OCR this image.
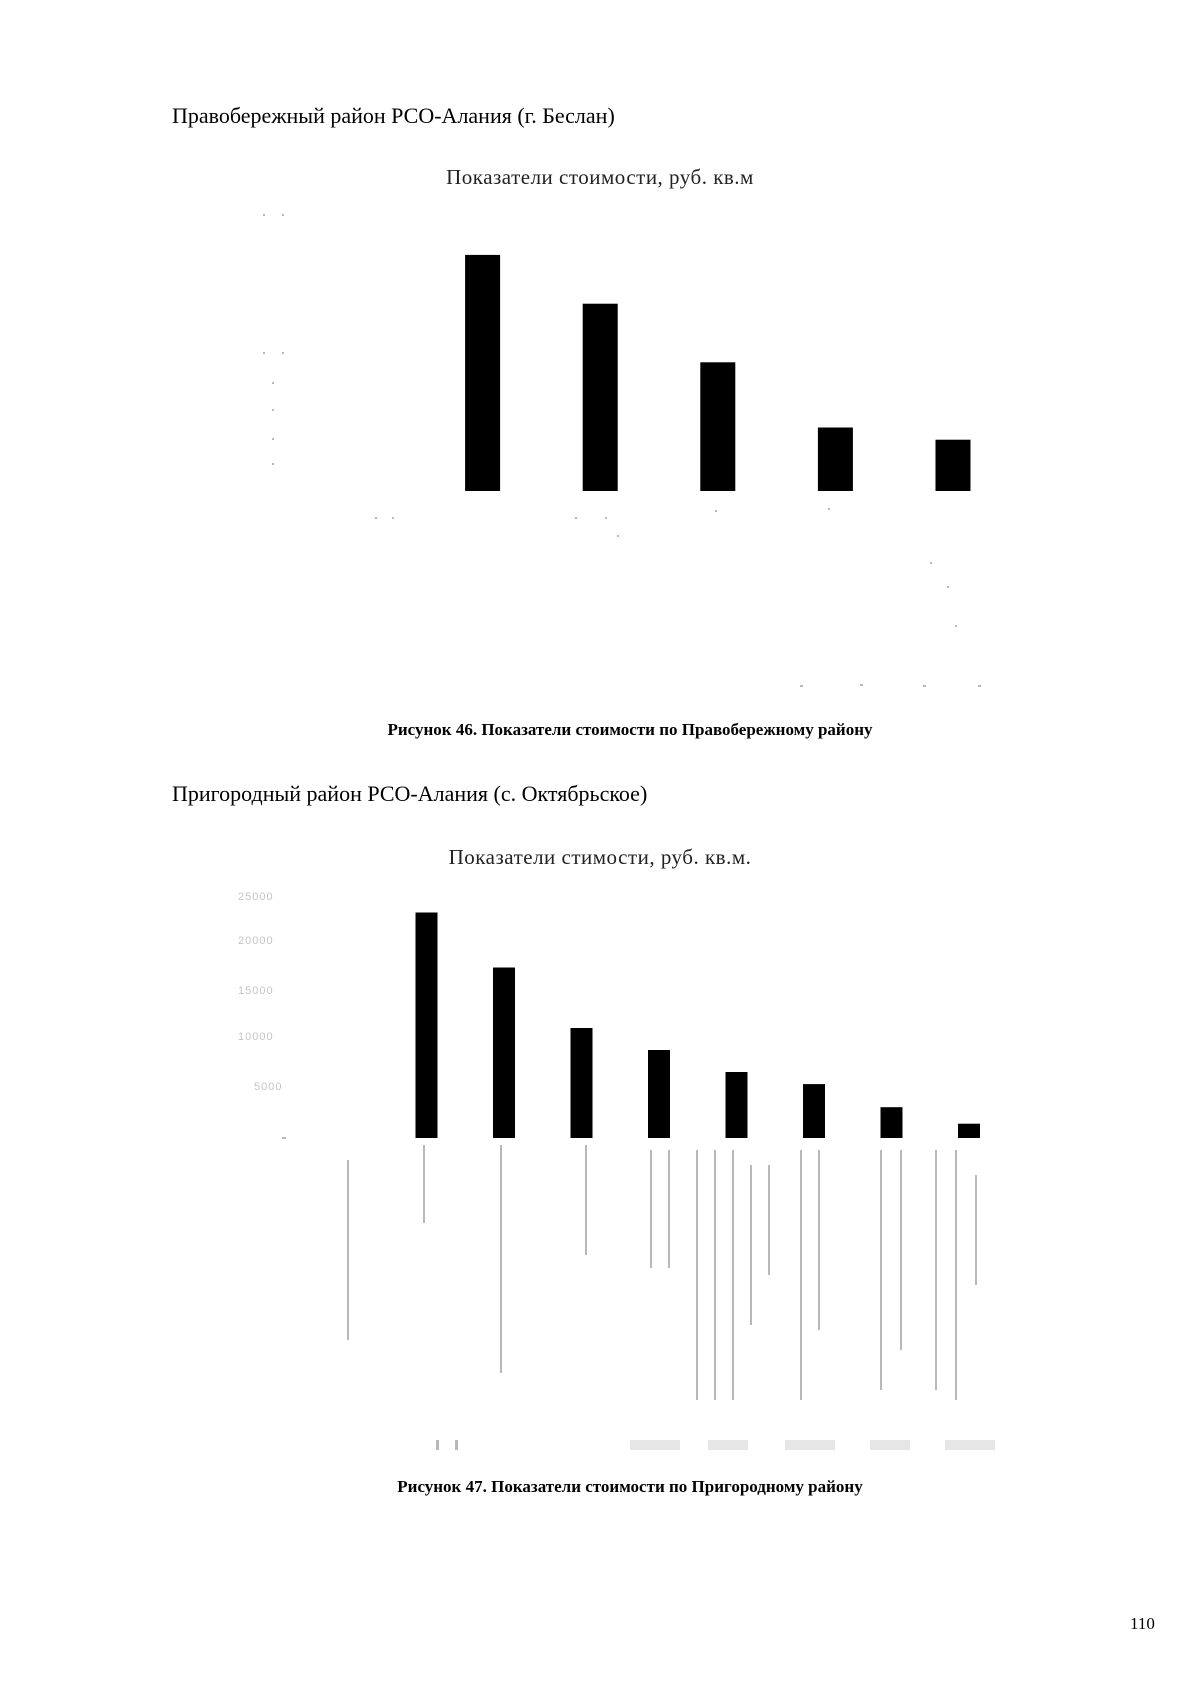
Правобережный район РСО-Алания (г. Беслан)
Показатели стоимости, руб. кв.м
25000
20000
15000
10000
5000
Рисунок 46. Показатели стоимости по Правобережному району
Пригородный район РСО-Алания (с. Октябрьское)
Показатели стимости, руб. кв.м.
Рисунок 47. Показатели стоимости по Пригородному району
110
